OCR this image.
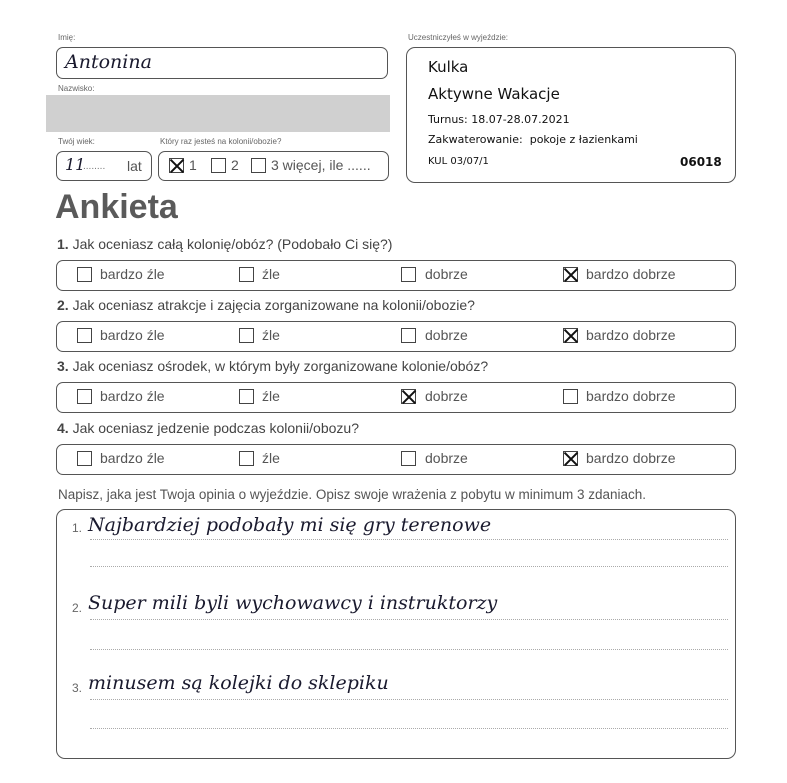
Imię:
Antonina
Nazwisko:
Twój wiek:
11
........ lat
Który raz jesteś na kolonii/obozie?
1 2 3 więcej, ile ......
Uczestniczyłeś w wyjeździe:
Kulka
Aktywne Wakacje
Turnus: 18.07-28.07.2021
Zakwaterowanie: pokoje z łazienkami
KUL 03/07/1	06018
Ankieta
1. Jak oceniasz całą kolonię/obóz? (Podobało Ci się?)
bardzo źle	źle	dobrze	bardzo dobrze
2. Jak oceniasz atrakcje i zajęcia zorganizowane na kolonii/obozie?
bardzo źle	źle	dobrze	bardzo dobrze
3. Jak oceniasz ośrodek, w którym były zorganizowane kolonie/obóz?
bardzo źle	źle	dobrze	bardzo dobrze
4. Jak oceniasz jedzenie podczas kolonii/obozu?
bardzo źle	źle	dobrze	bardzo dobrze
Napisz, jaka jest Twoja opinia o wyjeździe. Opisz swoje wrażenia z pobytu w minimum 3 zdaniach.
1. Najbardziej podobały mi się gry terenowe
2. Super mili byli wychowawcy i instruktorzy
3. minusem są kolejki do sklepiku
